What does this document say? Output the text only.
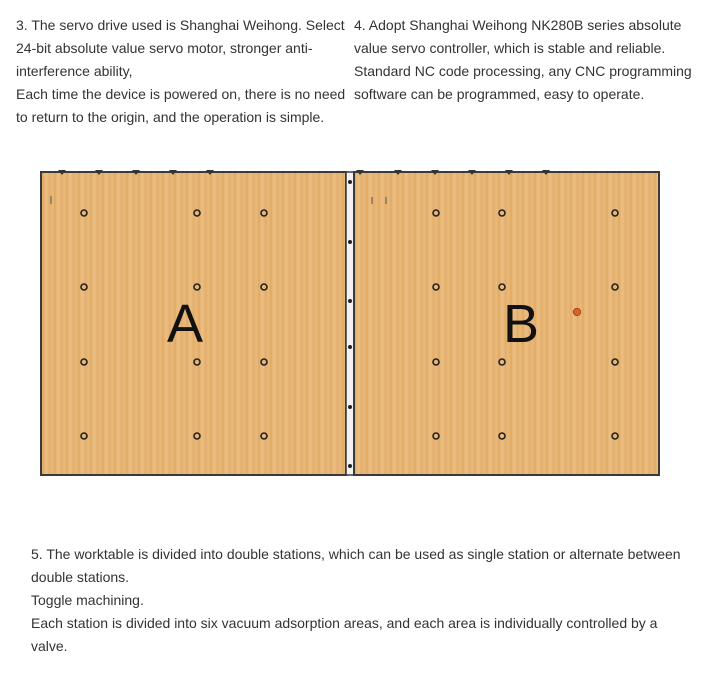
3. The servo drive used is Shanghai Weihong. Select 24-bit absolute value servo motor, stronger anti-interference ability,

Each time the device is powered on, there is no need to return to the origin, and the operation is simple.

4. Adopt Shanghai Weihong NK280B series absolute value servo controller, which is stable and reliable. Standard NC code processing, any CNC programming software can be programmed, easy to operate.

A	B

5. The worktable is divided into double stations, which can be used as single station or alternate between double stations.

Toggle machining.

Each station is divided into six vacuum adsorption areas, and each area is individually controlled by a valve.
